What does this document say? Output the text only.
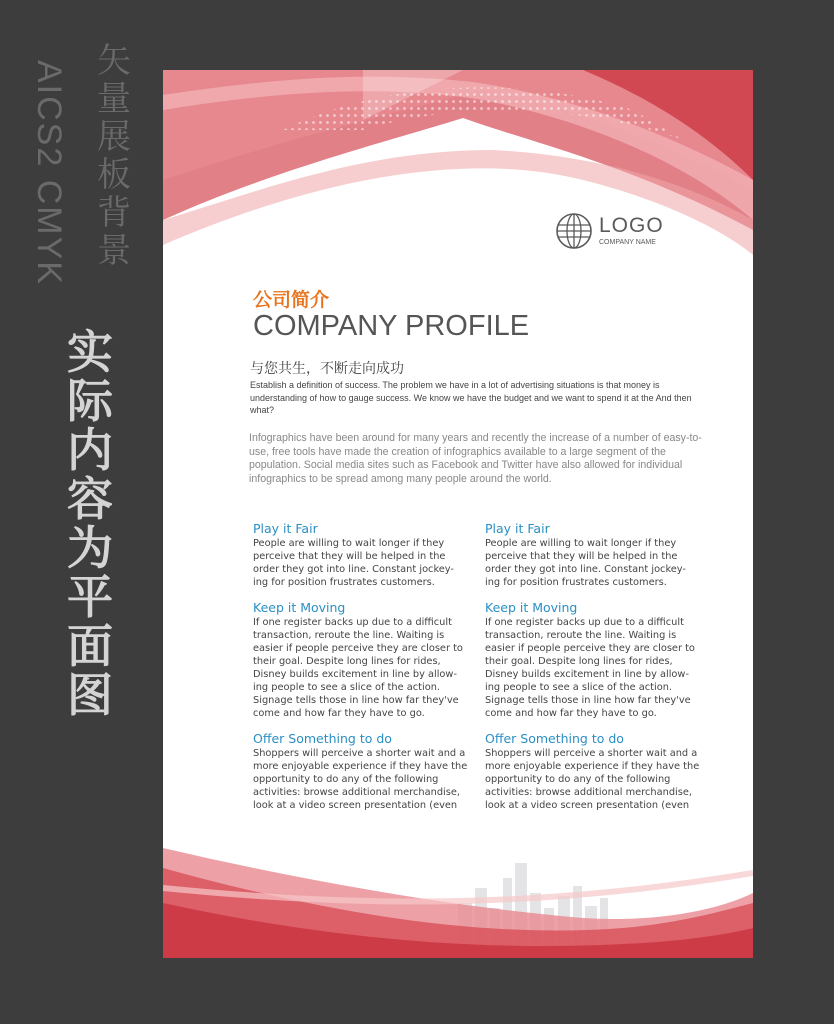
AICS2 CMYK 矢量展板背景
实际内容为平面图
LOGO
COMPANY NAME
公司简介
COMPANY PROFILE
与您共生，不断走向成功
Establish a definition of success. The problem we have in a lot of advertising situations is that money is understanding of how to gauge success. We know we have the budget and we want to spend it at the And then what?
Infographics have been around for many years and recently the increase of a number of easy-to-use, free tools have made the creation of infographics available to a large segment of the population. Social media sites such as Facebook and Twitter have also allowed for individual infographics to be spread among many people around the world.
Play it Fair
People are willing to wait longer if they perceive that they will be helped in the order they got into line. Constant jockey-ing for position frustrates customers.
Keep it Moving
If one register backs up due to a difficult transaction, reroute the line. Waiting is easier if people perceive they are closer to their goal. Despite long lines for rides, Disney builds excitement in line by allow-ing people to see a slice of the action. Signage tells those in line how far they've come and how far they have to go.
Offer Something to do
Shoppers will perceive a shorter wait and a more enjoyable experience if they have the opportunity to do any of the following activities: browse additional merchandise, look at a video screen presentation (even
Play it Fair
People are willing to wait longer if they perceive that they will be helped in the order they got into line. Constant jockey-ing for position frustrates customers.
Keep it Moving
If one register backs up due to a difficult transaction, reroute the line. Waiting is easier if people perceive they are closer to their goal. Despite long lines for rides, Disney builds excitement in line by allow-ing people to see a slice of the action. Signage tells those in line how far they've come and how far they have to go.
Offer Something to do
Shoppers will perceive a shorter wait and a more enjoyable experience if they have the opportunity to do any of the following activities: browse additional merchandise, look at a video screen presentation (even
